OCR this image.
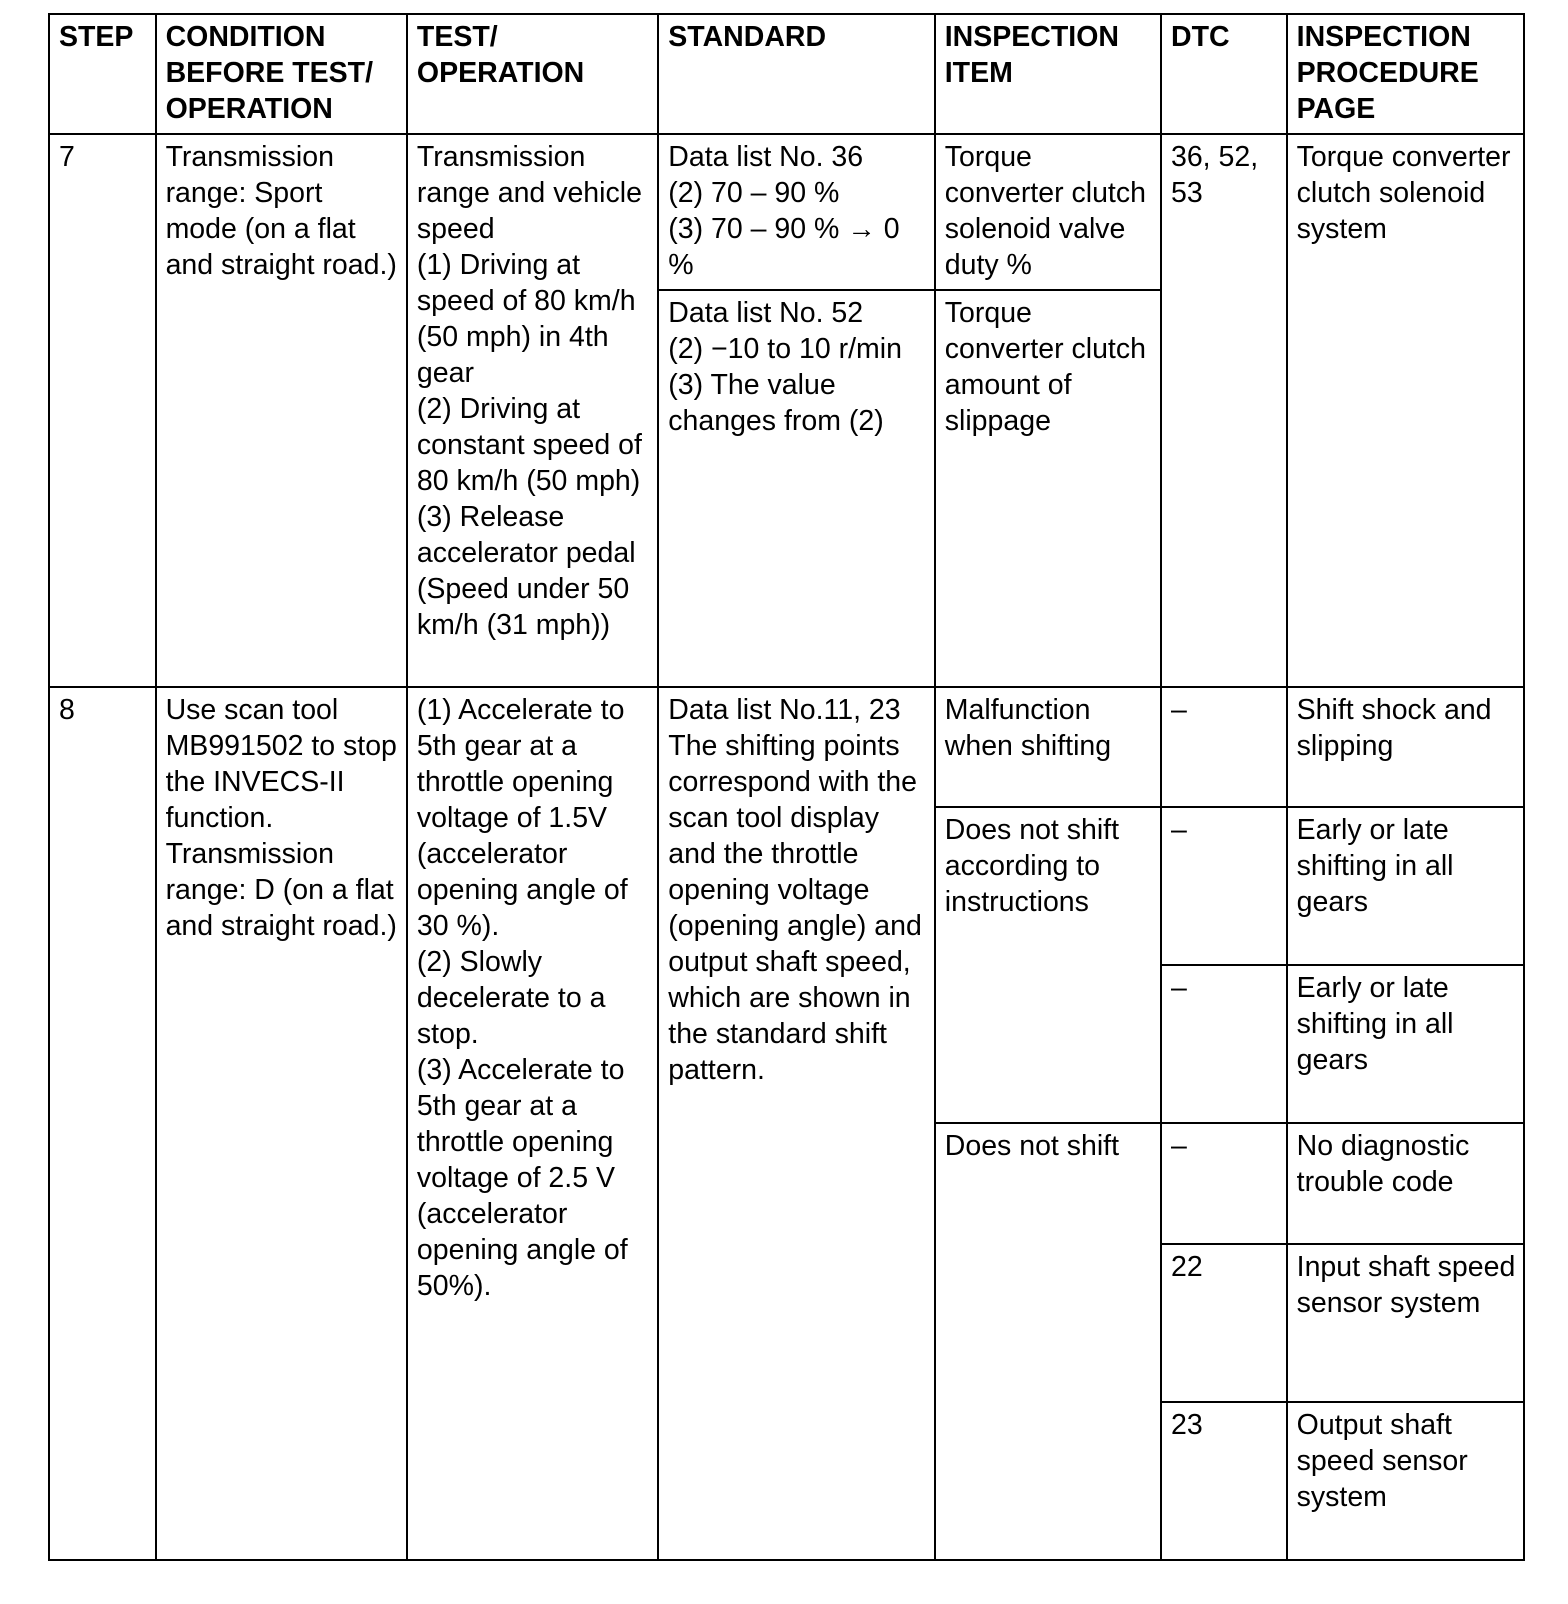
STEP	CONDITION BEFORE TEST/ OPERATION	TEST/ OPERATION	STANDARD	INSPECTION ITEM	DTC	INSPECTION PROCEDURE PAGE
7	Transmission range: Sport mode (on a flat and straight road.)	Transmission range and vehicle speed
(1) Driving at speed of 80 km/h (50 mph) in 4th gear
(2) Driving at constant speed of 80 km/h (50 mph)
(3) Release accelerator pedal (Speed under 50 km/h (31 mph))	Data list No. 36
(2) 70 – 90 %
(3) 70 – 90 % → 0 %	Torque converter clutch solenoid valve duty %	36, 52, 53	Torque converter clutch solenoid system
			Data list No. 52
(2) −10 to 10 r/min
(3) The value changes from (2)	Torque converter clutch amount of slippage		
8	Use scan tool MB991502 to stop the INVECS-II function.
Transmission range: D (on a flat and straight road.)	(1) Accelerate to 5th gear at a throttle opening voltage of 1.5V (accelerator opening angle of 30 %).
(2) Slowly decelerate to a stop.
(3) Accelerate to 5th gear at a throttle opening voltage of 2.5 V (accelerator opening angle of 50%).	Data list No.11, 23
The shifting points correspond with the scan tool display and the throttle opening voltage (opening angle) and output shaft speed, which are shown in the standard shift pattern.	Malfunction when shifting	–	Shift shock and slipping
				Does not shift according to instructions	–	Early or late shifting in all gears
					–	Early or late shifting in all gears
				Does not shift	–	No diagnostic trouble code
					22	Input shaft speed sensor system
					23	Output shaft speed sensor system
